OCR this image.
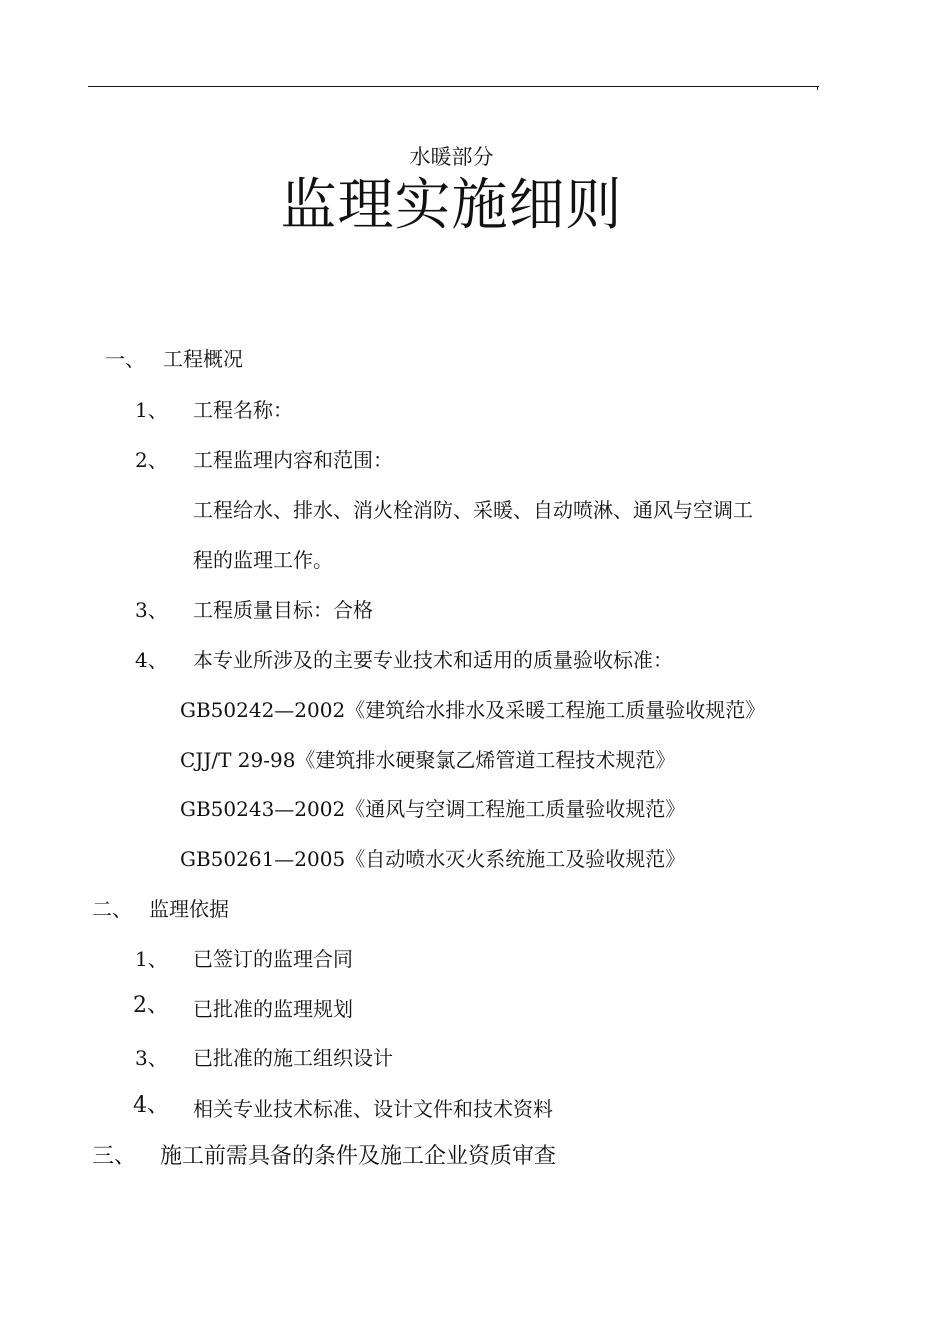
水暖部分
监理实施细则
一、 工程概况
1、 工程名称：
2、 工程监理内容和范围：
工程给水、排水、消火栓消防、采暖、自动喷淋、通风与空调工
程的监理工作。
3、 工程质量目标：合格
4、 本专业所涉及的主要专业技术和适用的质量验收标准：
GB50242—2002《建筑给水排水及采暖工程施工质量验收规范》
CJJ/T 29-98《建筑排水硬聚氯乙烯管道工程技术规范》
GB50243—2002《通风与空调工程施工质量验收规范》
GB50261—2005《自动喷水灭火系统施工及验收规范》
二、 监理依据
1、 已签订的监理合同
2、 已批准的监理规划
3、 已批准的施工组织设计
4、 相关专业技术标准、设计文件和技术资料
三、 施工前需具备的条件及施工企业资质审查
